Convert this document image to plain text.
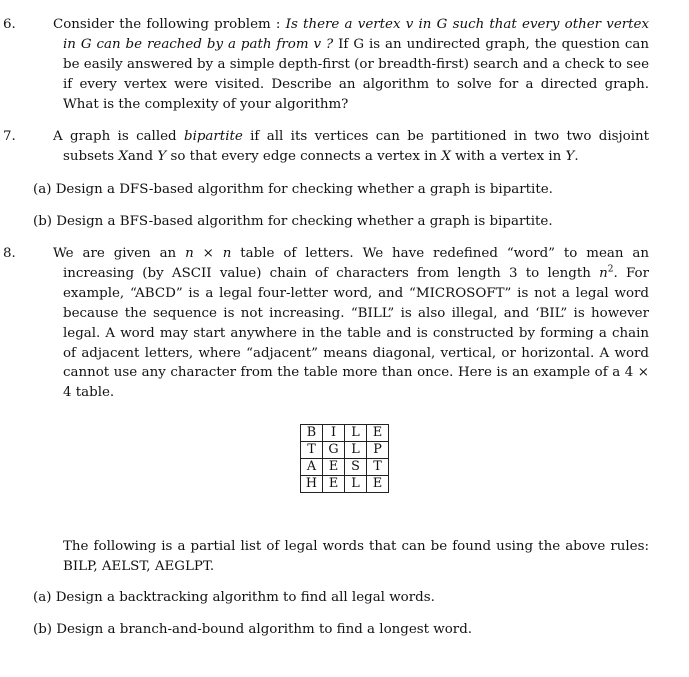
6.	Consider the following problem : Is there a vertex v in G such that every other vertex in G can be reached by a path from v ? If G is an undirected graph, the question can be easily answered by a simple depth-first (or breadth-first) search and a check to see if every vertex were visited. Describe an algorithm to solve for a directed graph. What is the complexity of your algorithm?

7.	A graph is called bipartite if all its vertices can be partitioned in two two disjoint subsets Xand Y so that every edge connects a vertex in X with a vertex in Y.

(a) Design a DFS-based algorithm for checking whether a graph is bipartite.

(b) Design a BFS-based algorithm for checking whether a graph is bipartite.

8.	We are given an n × n table of letters. We have redefined “word” to mean an increasing (by ASCII value) chain of characters from length 3 to length $n^2$. For example, “ABCD” is a legal four-letter word, and “MICROSOFT” is not a legal word because the sequence is not increasing. “BILL” is also illegal, and ‘BIL” is however legal. A word may start anywhere in the table and is constructed by forming a chain of adjacent letters, where “adjacent” means diagonal, vertical, or horizontal. A word cannot use any character from the table more than once. Here is an example of a 4 × 4 table.

B	I	L	E
T	G	L	P
A	E	S	T
H	E	L	E

The following is a partial list of legal words that can be found using the above rules: BILP, AELST, AEGLPT.

(a) Design a backtracking algorithm to find all legal words.

(b) Design a branch-and-bound algorithm to find a longest word.
